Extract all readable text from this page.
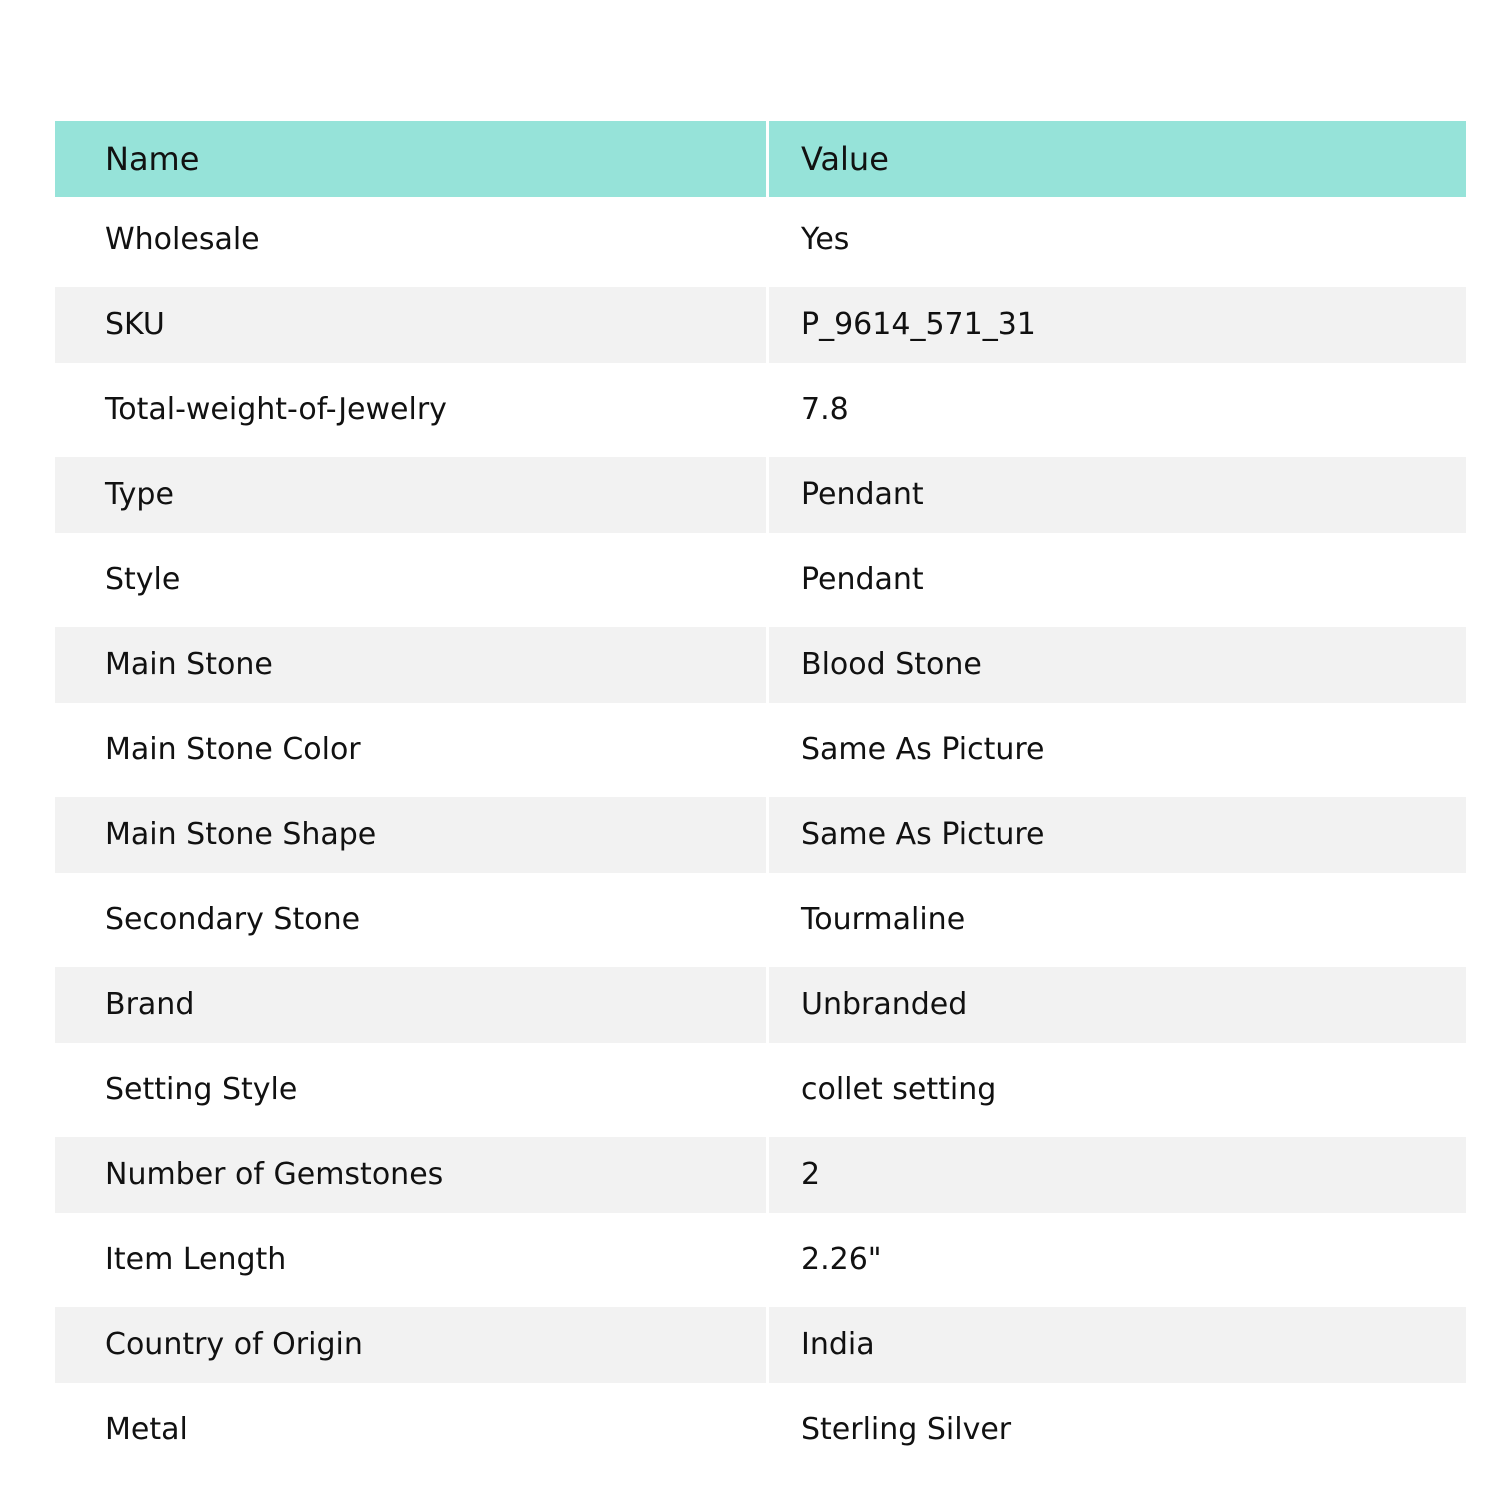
Name	Value
Wholesale	Yes
SKU	P_9614_571_31
Total-weight-of-Jewelry	7.8
Type	Pendant
Style	Pendant
Main Stone	Blood Stone
Main Stone Color	Same As Picture
Main Stone Shape	Same As Picture
Secondary Stone	Tourmaline
Brand	Unbranded
Setting Style	collet setting
Number of Gemstones	2
Item Length	2.26"
Country of Origin	India
Metal	Sterling Silver
